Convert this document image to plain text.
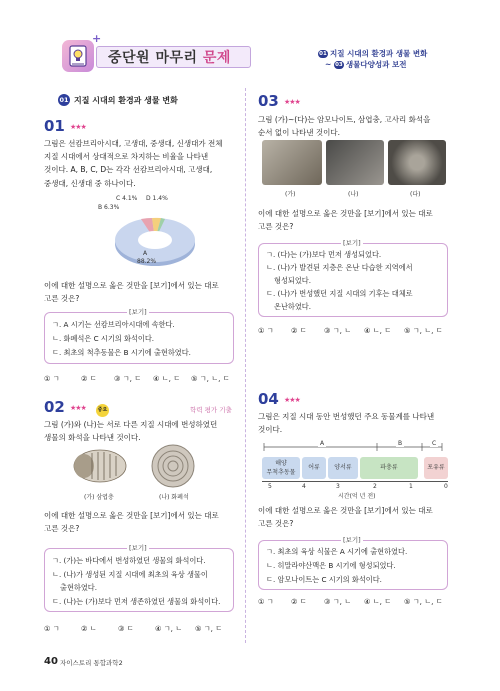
+
중단원 마무리 문제	01 지질 시대의 환경과 생물 변화
~ 03 생물다양성과 보전
01 지질 시대의 환경과 생물 변화
01 ★★★
그림은 선캄브리아시대, 고생대, 중생대, 신생대가 전체
지질 시대에서 상대적으로 차지하는 비율을 나타낸
것이다. A, B, C, D는 각각 선캄브리아시대, 고생대,
중생대, 신생대 중 하나이다.
C 4.1%
B 6.3%
D 1.4%
A
88.2%
이에 대한 설명으로 옳은 것만을 [보기]에서 있는 대로
고른 것은?
[보기]
ㄱ. A 시기는 선캄브리아시대에 속한다.
ㄴ. 화폐석은 C 시기의 화석이다.
ㄷ. 최초의 척추동물은 B 시기에 출현하였다.
① ㄱ	② ㄷ ③ ㄱ, ㄷ ④ ㄴ, ㄷ ⑤ ㄱ, ㄴ, ㄷ
02 ★★★	중요	학력 평가 기출
그림 (가)와 (나)는 서로 다른 지질 시대에 번성하였던
생물의 화석을 나타낸 것이다.
(가) 삼엽충	(나) 화폐석
이에 대한 설명으로 옳은 것만을 [보기]에서 있는 대로
고른 것은?
[보기]
ㄱ. (가)는 바다에서 번성하였던 생물의 화석이다.
ㄴ. (나)가 생성된 지질 시대에 최초의 육상 생물이
출현하였다.
ㄷ. (나)는 (가)보다 먼저 생존하였던 생물의 화석이다.
① ㄱ	② ㄴ	③ ㄷ	④ ㄱ, ㄴ ⑤ ㄱ, ㄷ
03 ★★★
그림 (가)~(다)는 암모나이트, 삼엽충, 고사리 화석을
순서 없이 나타낸 것이다.
(가)	(나)	(다)
이에 대한 설명으로 옳은 것만을 [보기]에서 있는 대로
고른 것은?
[보기]
ㄱ. (다)는 (가)보다 먼저 생성되었다.
ㄴ. (나)가 발견된 지층은 온난 다습한 지역에서
형성되었다.
ㄷ. (나)가 번성했던 지질 시대의 기후는 대체로
온난하였다.
① ㄱ ② ㄷ ③ ㄱ, ㄴ ④ ㄴ, ㄷ ⑤ ㄱ, ㄴ, ㄷ
04 ★★★
그림은 지질 시대 동안 번성했던 주요 동물계를 나타낸
것이다.
A	B	C
해양
무척추동물
어류	양서류	파충류	포유류
5	4	3	2	1	0
시간(억 년 전)
이에 대한 설명으로 옳은 것만을 [보기]에서 있는 대로
고른 것은?
[보기]
ㄱ. 최초의 육상 식물은 A 시기에 출현하였다.
ㄴ. 히말라야산맥은 B 시기에 형성되었다.
ㄷ. 암모나이트는 C 시기의 화석이다.
① ㄱ ② ㄷ ③ ㄱ, ㄴ ④ ㄴ, ㄷ ⑤ ㄱ, ㄴ, ㄷ
40 자이스토리 통합과학2
